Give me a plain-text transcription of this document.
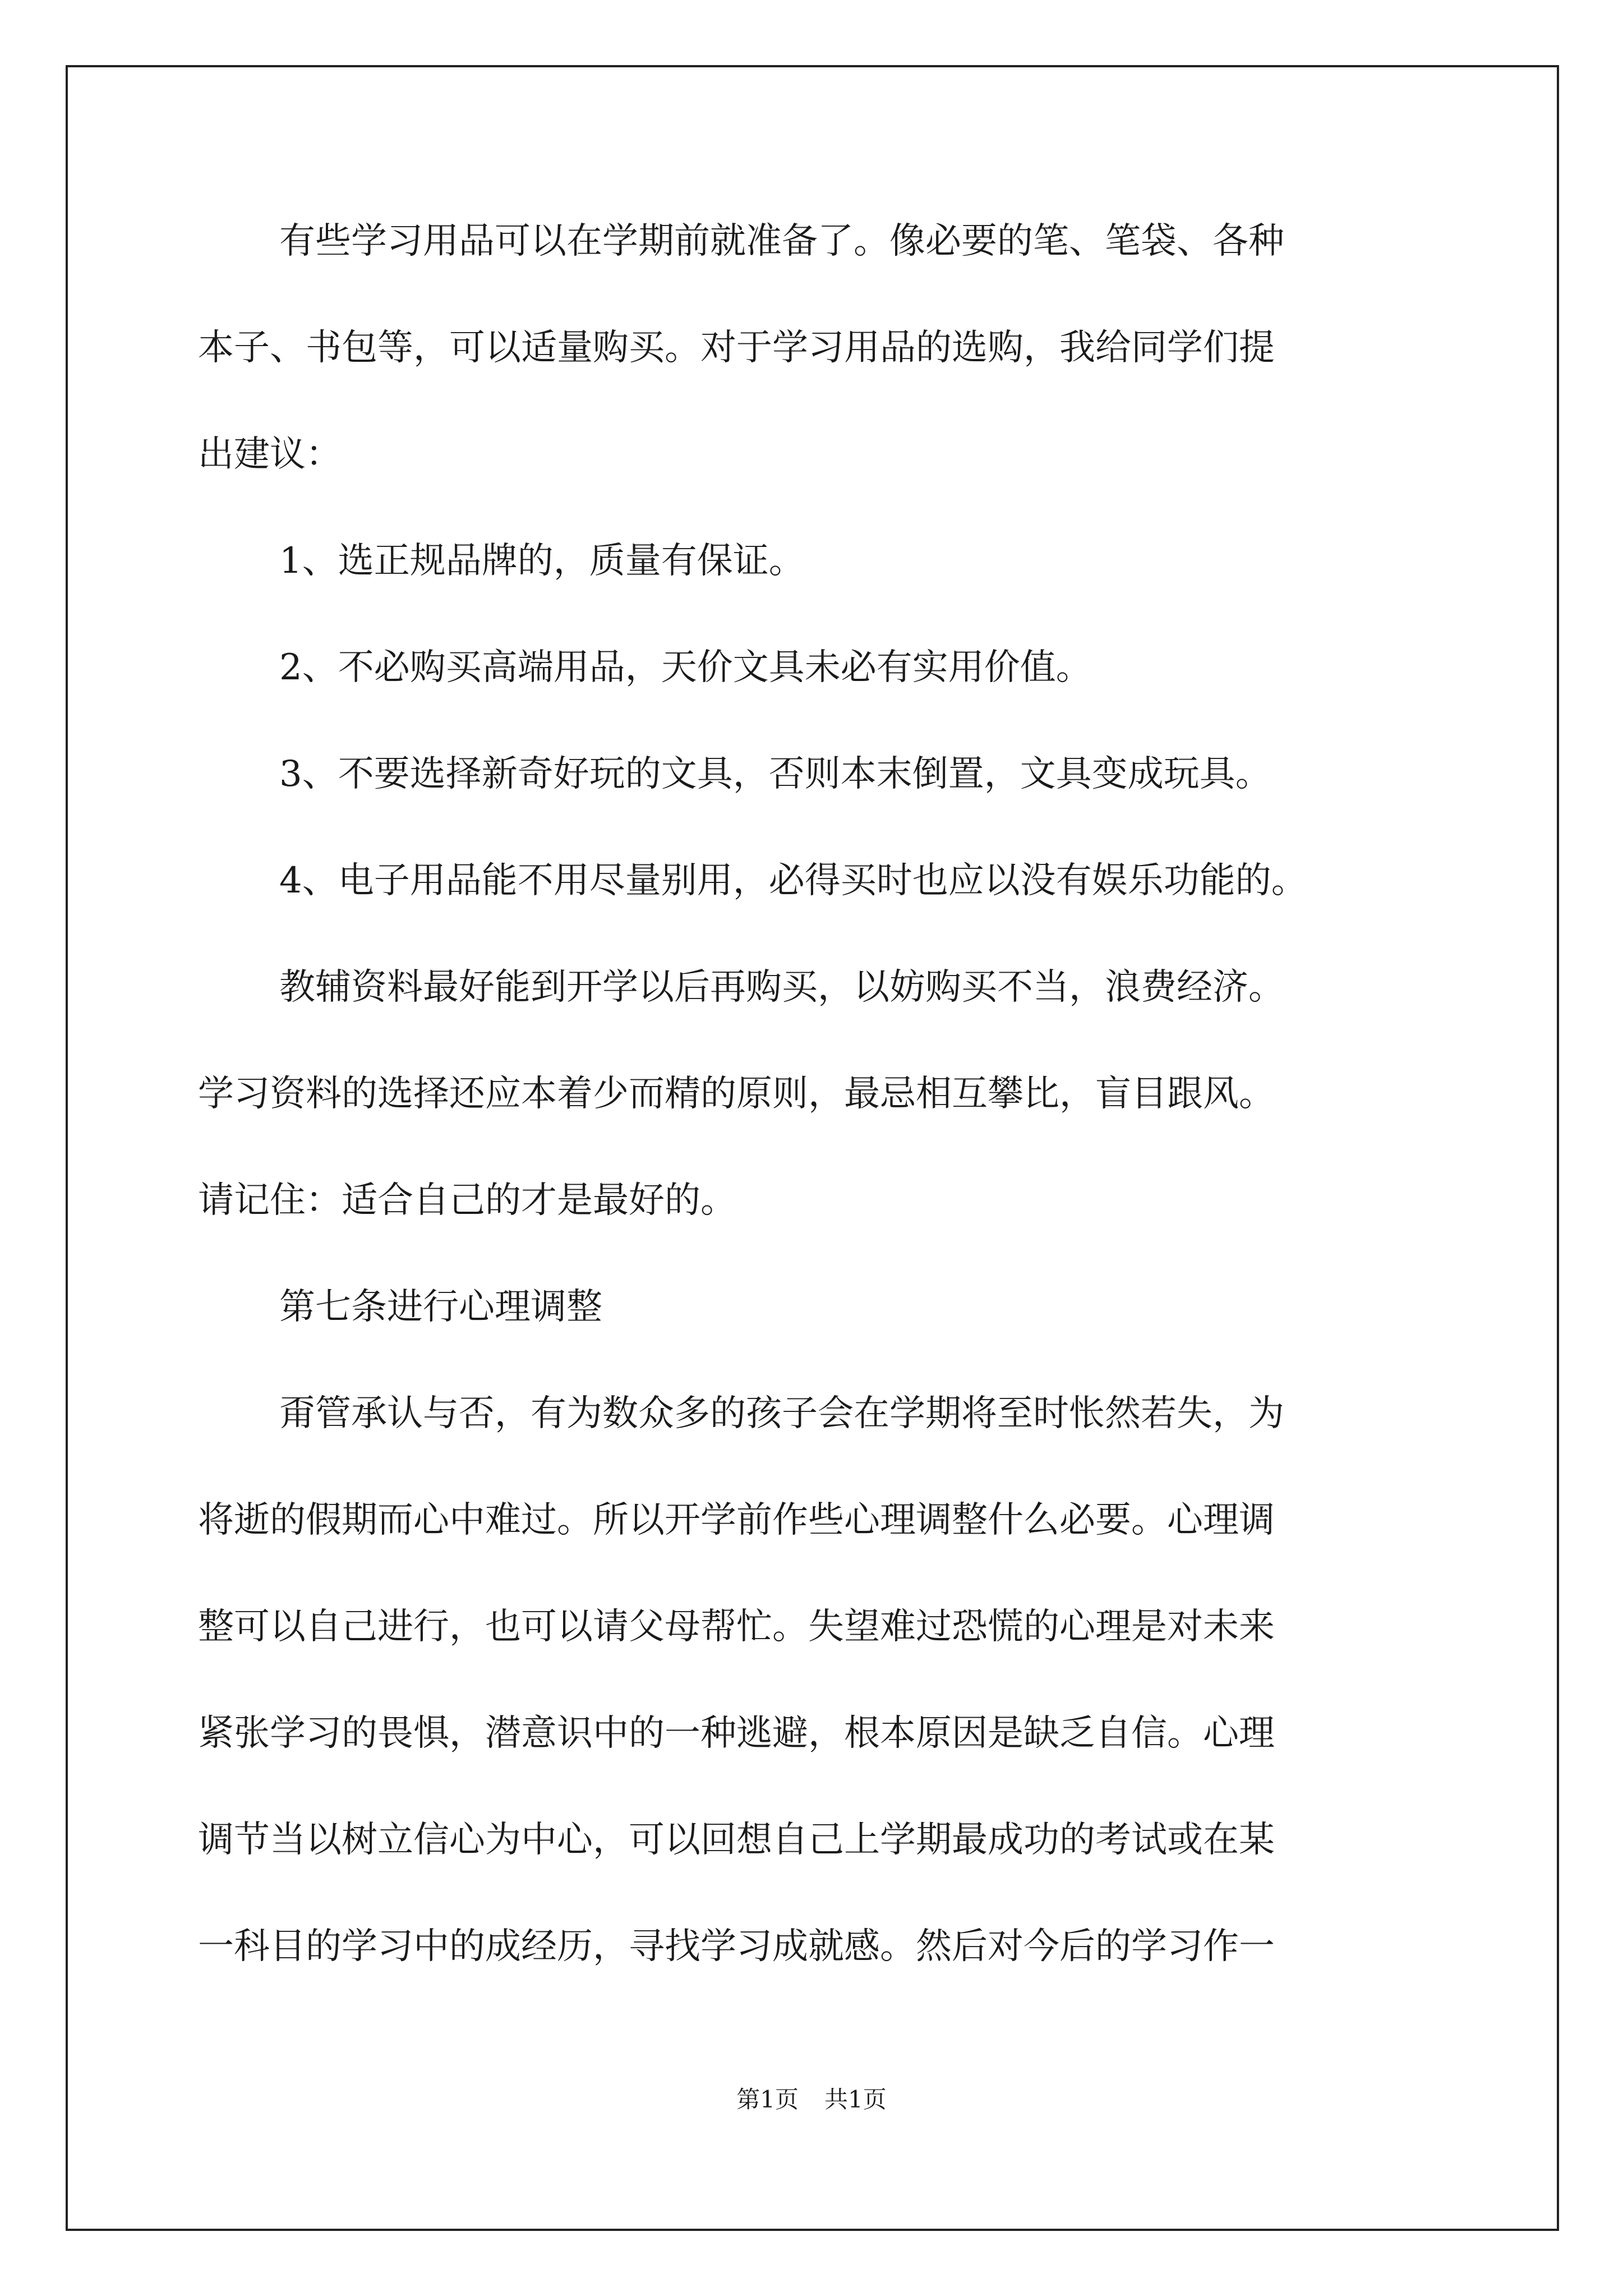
有些学习用品可以在学期前就准备了。像必要的笔、笔袋、各种
本子、书包等，可以适量购买。对于学习用品的选购，我给同学们提
出建议：
1、选正规品牌的，质量有保证。
2、不必购买高端用品，天价文具未必有实用价值。
3、不要选择新奇好玩的文具，否则本末倒置，文具变成玩具。
4、电子用品能不用尽量别用，必得买时也应以没有娱乐功能的。
教辅资料最好能到开学以后再购买，以妨购买不当，浪费经济。
学习资料的选择还应本着少而精的原则，最忌相互攀比，盲目跟风。
请记住：适合自己的才是最好的。
第七条进行心理调整
甭管承认与否，有为数众多的孩子会在学期将至时怅然若失，为
将逝的假期而心中难过。所以开学前作些心理调整什么必要。心理调
整可以自己进行，也可以请父母帮忙。失望难过恐慌的心理是对未来
紧张学习的畏惧，潜意识中的一种逃避，根本原因是缺乏自信。心理
调节当以树立信心为中心，可以回想自己上学期最成功的考试或在某
一科目的学习中的成经历，寻找学习成就感。然后对今后的学习作一
第1页 共1页
